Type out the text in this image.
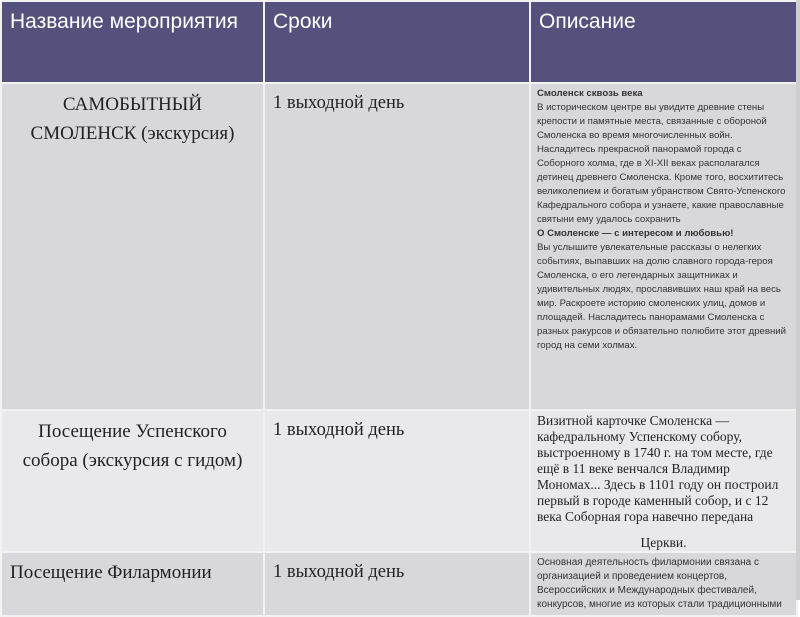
Название мероприятия	Сроки	Описание

САМОБЫТНЫЙ СМОЛЕНСК (экскурсия)	1 выходной день	Смоленск сквозь века
В историческом центре вы увидите древние стены крепости и памятные места, связанные с обороной Смоленска во время многочисленных войн. Насладитесь прекрасной панорамой города с Соборного холма, где в XI-XII веках располагался детинец древнего Смоленска. Кроме того, восхититесь великолепием и богатым убранством Свято-Успенского Кафедрального собора и узнаете, какие православные святыни ему удалось сохранить
О Смоленске — с интересом и любовью!
Вы услышите увлекательные рассказы о нелегких событиях, выпавших на долю славного города-героя Смоленска, о его легендарных защитниках и удивительных людях, прославивших наш край на весь мир. Раскроете историю смоленских улиц, домов и площадей. Насладитесь панорамами Смоленска с разных ракурсов и обязательно полюбите этот древний город на семи холмах.

Посещение Успенского собора (экскурсия с гидом)	1 выходной день	Визитной карточке Смоленска — кафедральному Успенскому собору, выстроенному в 1740 г. на том месте, где ещё в 11 веке венчался Владимир Мономах... Здесь в 1101 году он построил первый в городе каменный собор, и с 12 века Соборная гора навечно передана
Церкви.

Посещение Филармонии	1 выходной день	Основная деятельность филармонии связана с организацией и проведением концертов, Всероссийских и Международных фестивалей, конкурсов, многие из которых стали традиционными
